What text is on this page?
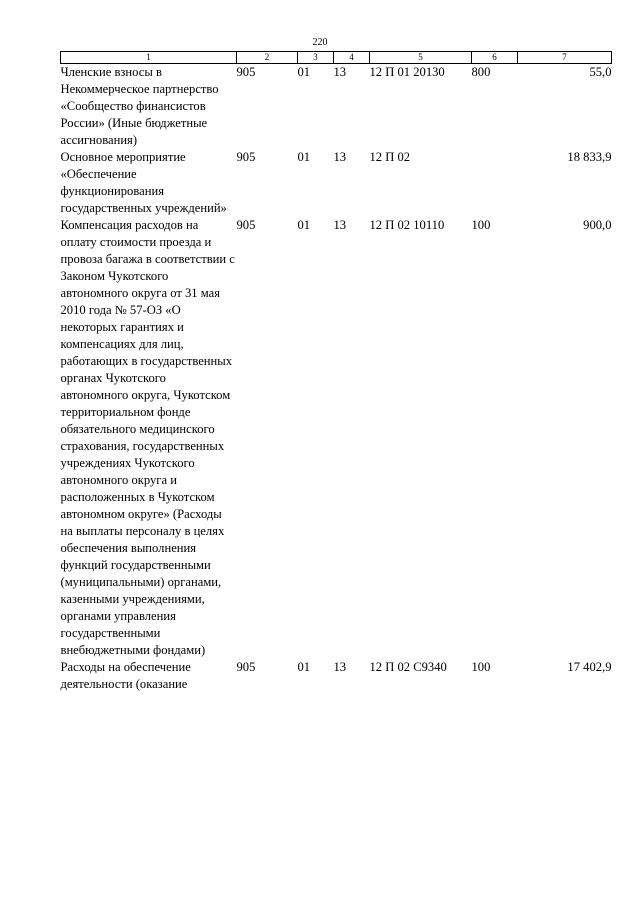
220
1	2	3	4	5	6	7
Членские взносы в Некоммерческое партнерство «Сообщество финансистов России» (Иные бюджетные ассигнования)	905	01	13	12 П 01 20130	800	55,0
Основное мероприятие «Обеспечение функционирования государственных учреждений»	905	01	13	12 П 02		18 833,9
Компенсация расходов на оплату стоимости проезда и провоза багажа в соответствии с Законом Чукотского автономного округа от 31 мая 2010 года № 57-ОЗ «О некоторых гарантиях и компенсациях для лиц, работающих в государственных органах Чукотского автономного округа, Чукотском территориальном фонде обязательного медицинского страхования, государственных учреждениях Чукотского автономного округа и расположенных в Чукотском автономном округе» (Расходы на выплаты персоналу в целях обеспечения выполнения функций государственными (муниципальными) органами, казенными учреждениями, органами управления государственными внебюджетными фондами)	905	01	13	12 П 02 10110	100	900,0
Расходы на обеспечение деятельности (оказание	905	01	13	12 П 02 С9340	100	17 402,9
